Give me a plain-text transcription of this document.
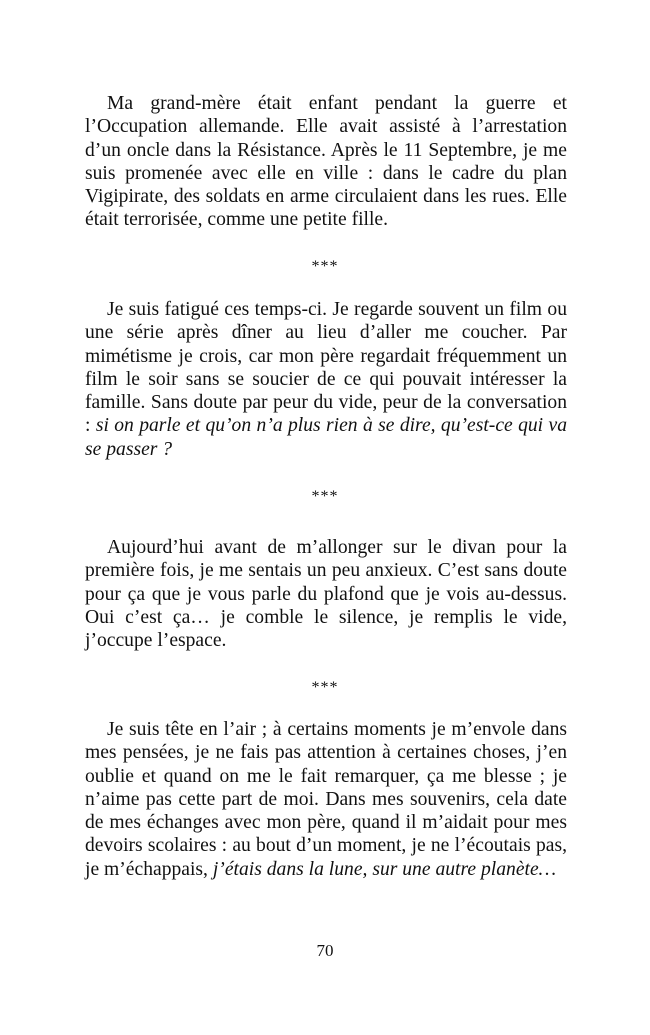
Ma grand-mère était enfant pendant la guerre et l’Occupation allemande. Elle avait assisté à l’arrestation d’un oncle dans la Résistance. Après le 11 Septembre, je me suis promenée avec elle en ville : dans le cadre du plan Vigipirate, des soldats en arme circulaient dans les rues. Elle était terrorisée, comme une petite fille.

***

Je suis fatigué ces temps-ci. Je regarde souvent un film ou une série après dîner au lieu d’aller me coucher. Par mimétisme je crois, car mon père regardait fréquemment un film le soir sans se soucier de ce qui pouvait intéresser la famille. Sans doute par peur du vide, peur de la conversation : si on parle et qu’on n’a plus rien à se dire, qu’est-ce qui va se passer ?

***

Aujourd’hui avant de m’allonger sur le divan pour la première fois, je me sentais un peu anxieux. C’est sans doute pour ça que je vous parle du plafond que je vois au-dessus. Oui c’est ça… je comble le silence, je remplis le vide, j’occupe l’espace.

***

Je suis tête en l’air ; à certains moments je m’envole dans mes pensées, je ne fais pas attention à certaines choses, j’en oublie et quand on me le fait remarquer, ça me blesse ; je n’aime pas cette part de moi. Dans mes souvenirs, cela date de mes échanges avec mon père, quand il m’aidait pour mes devoirs scolaires : au bout d’un moment, je ne l’écoutais pas, je m’échappais, j’étais dans la lune, sur une autre planète…

70
